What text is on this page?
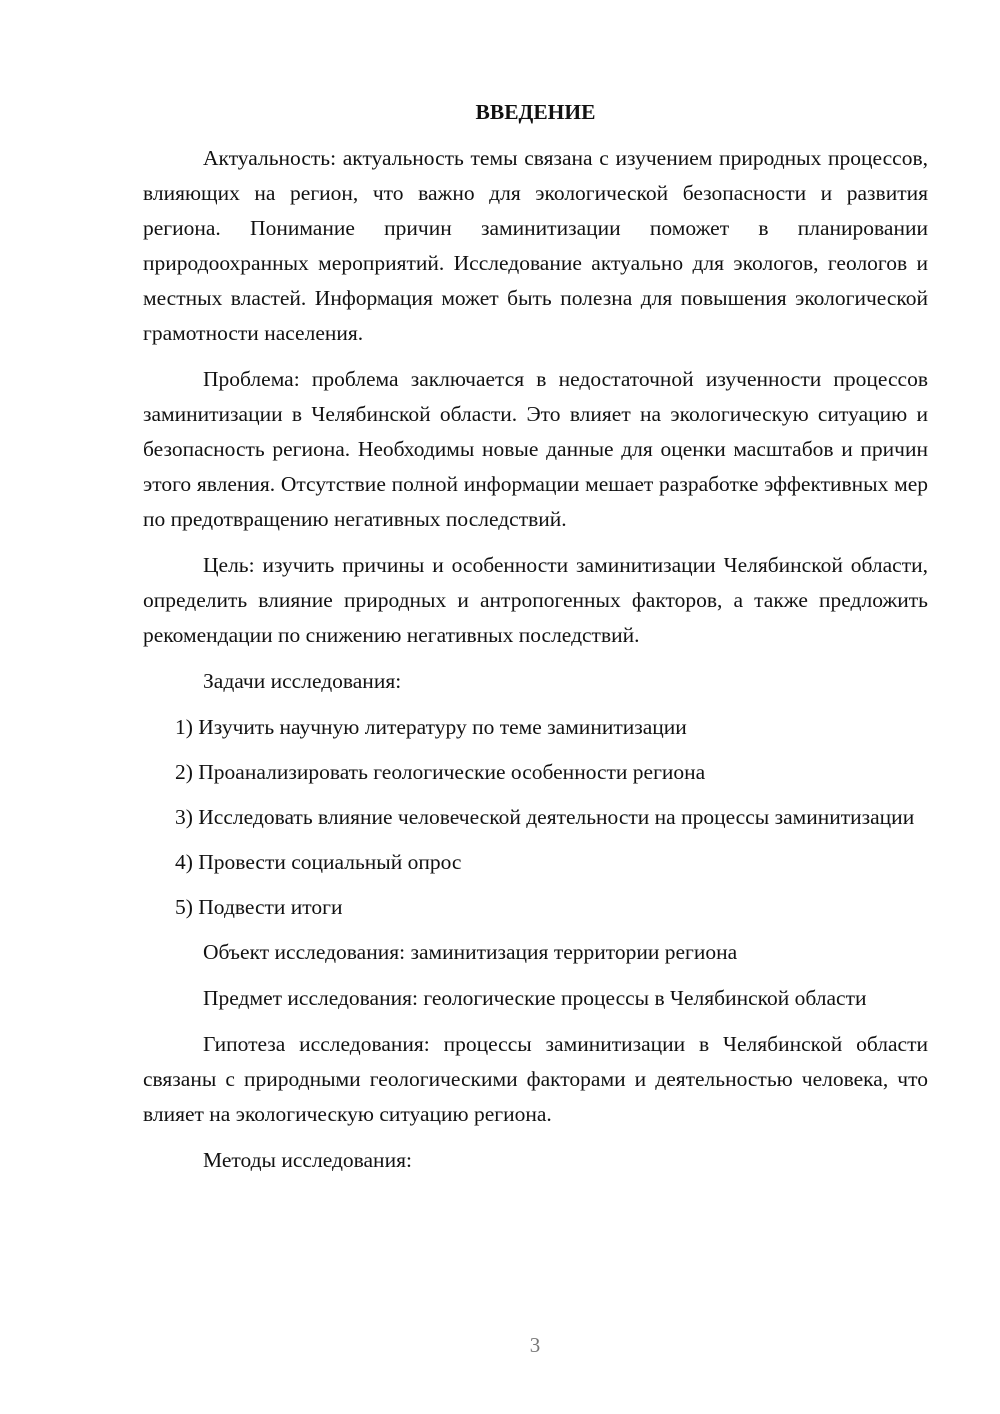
ВВЕДЕНИЕ

Актуальность: актуальность темы связана с изучением природных процессов, влияющих на регион, что важно для экологической безопасности и развития региона. Понимание причин заминитизации поможет в планировании природоохранных мероприятий. Исследование актуально для экологов, геологов и местных властей. Информация может быть полезна для повышения экологической грамотности населения.

Проблема: проблема заключается в недостаточной изученности процессов заминитизации в Челябинской области. Это влияет на экологическую ситуацию и безопасность региона. Необходимы новые данные для оценки масштабов и причин этого явления. Отсутствие полной информации мешает разработке эффективных мер по предотвращению негативных последствий.

Цель: изучить причины и особенности заминитизации Челябинской области, определить влияние природных и антропогенных факторов, а также предложить рекомендации по снижению негативных последствий.

Задачи исследования:

1) Изучить научную литературу по теме заминитизации

2) Проанализировать геологические особенности региона

3) Исследовать влияние человеческой деятельности на процессы заминитизации

4) Провести социальный опрос

5) Подвести итоги

Объект исследования: заминитизация территории региона

Предмет исследования: геологические процессы в Челябинской области

Гипотеза исследования: процессы заминитизации в Челябинской области связаны с природными геологическими факторами и деятельностью человека, что влияет на экологическую ситуацию региона.

Методы исследования:

3
